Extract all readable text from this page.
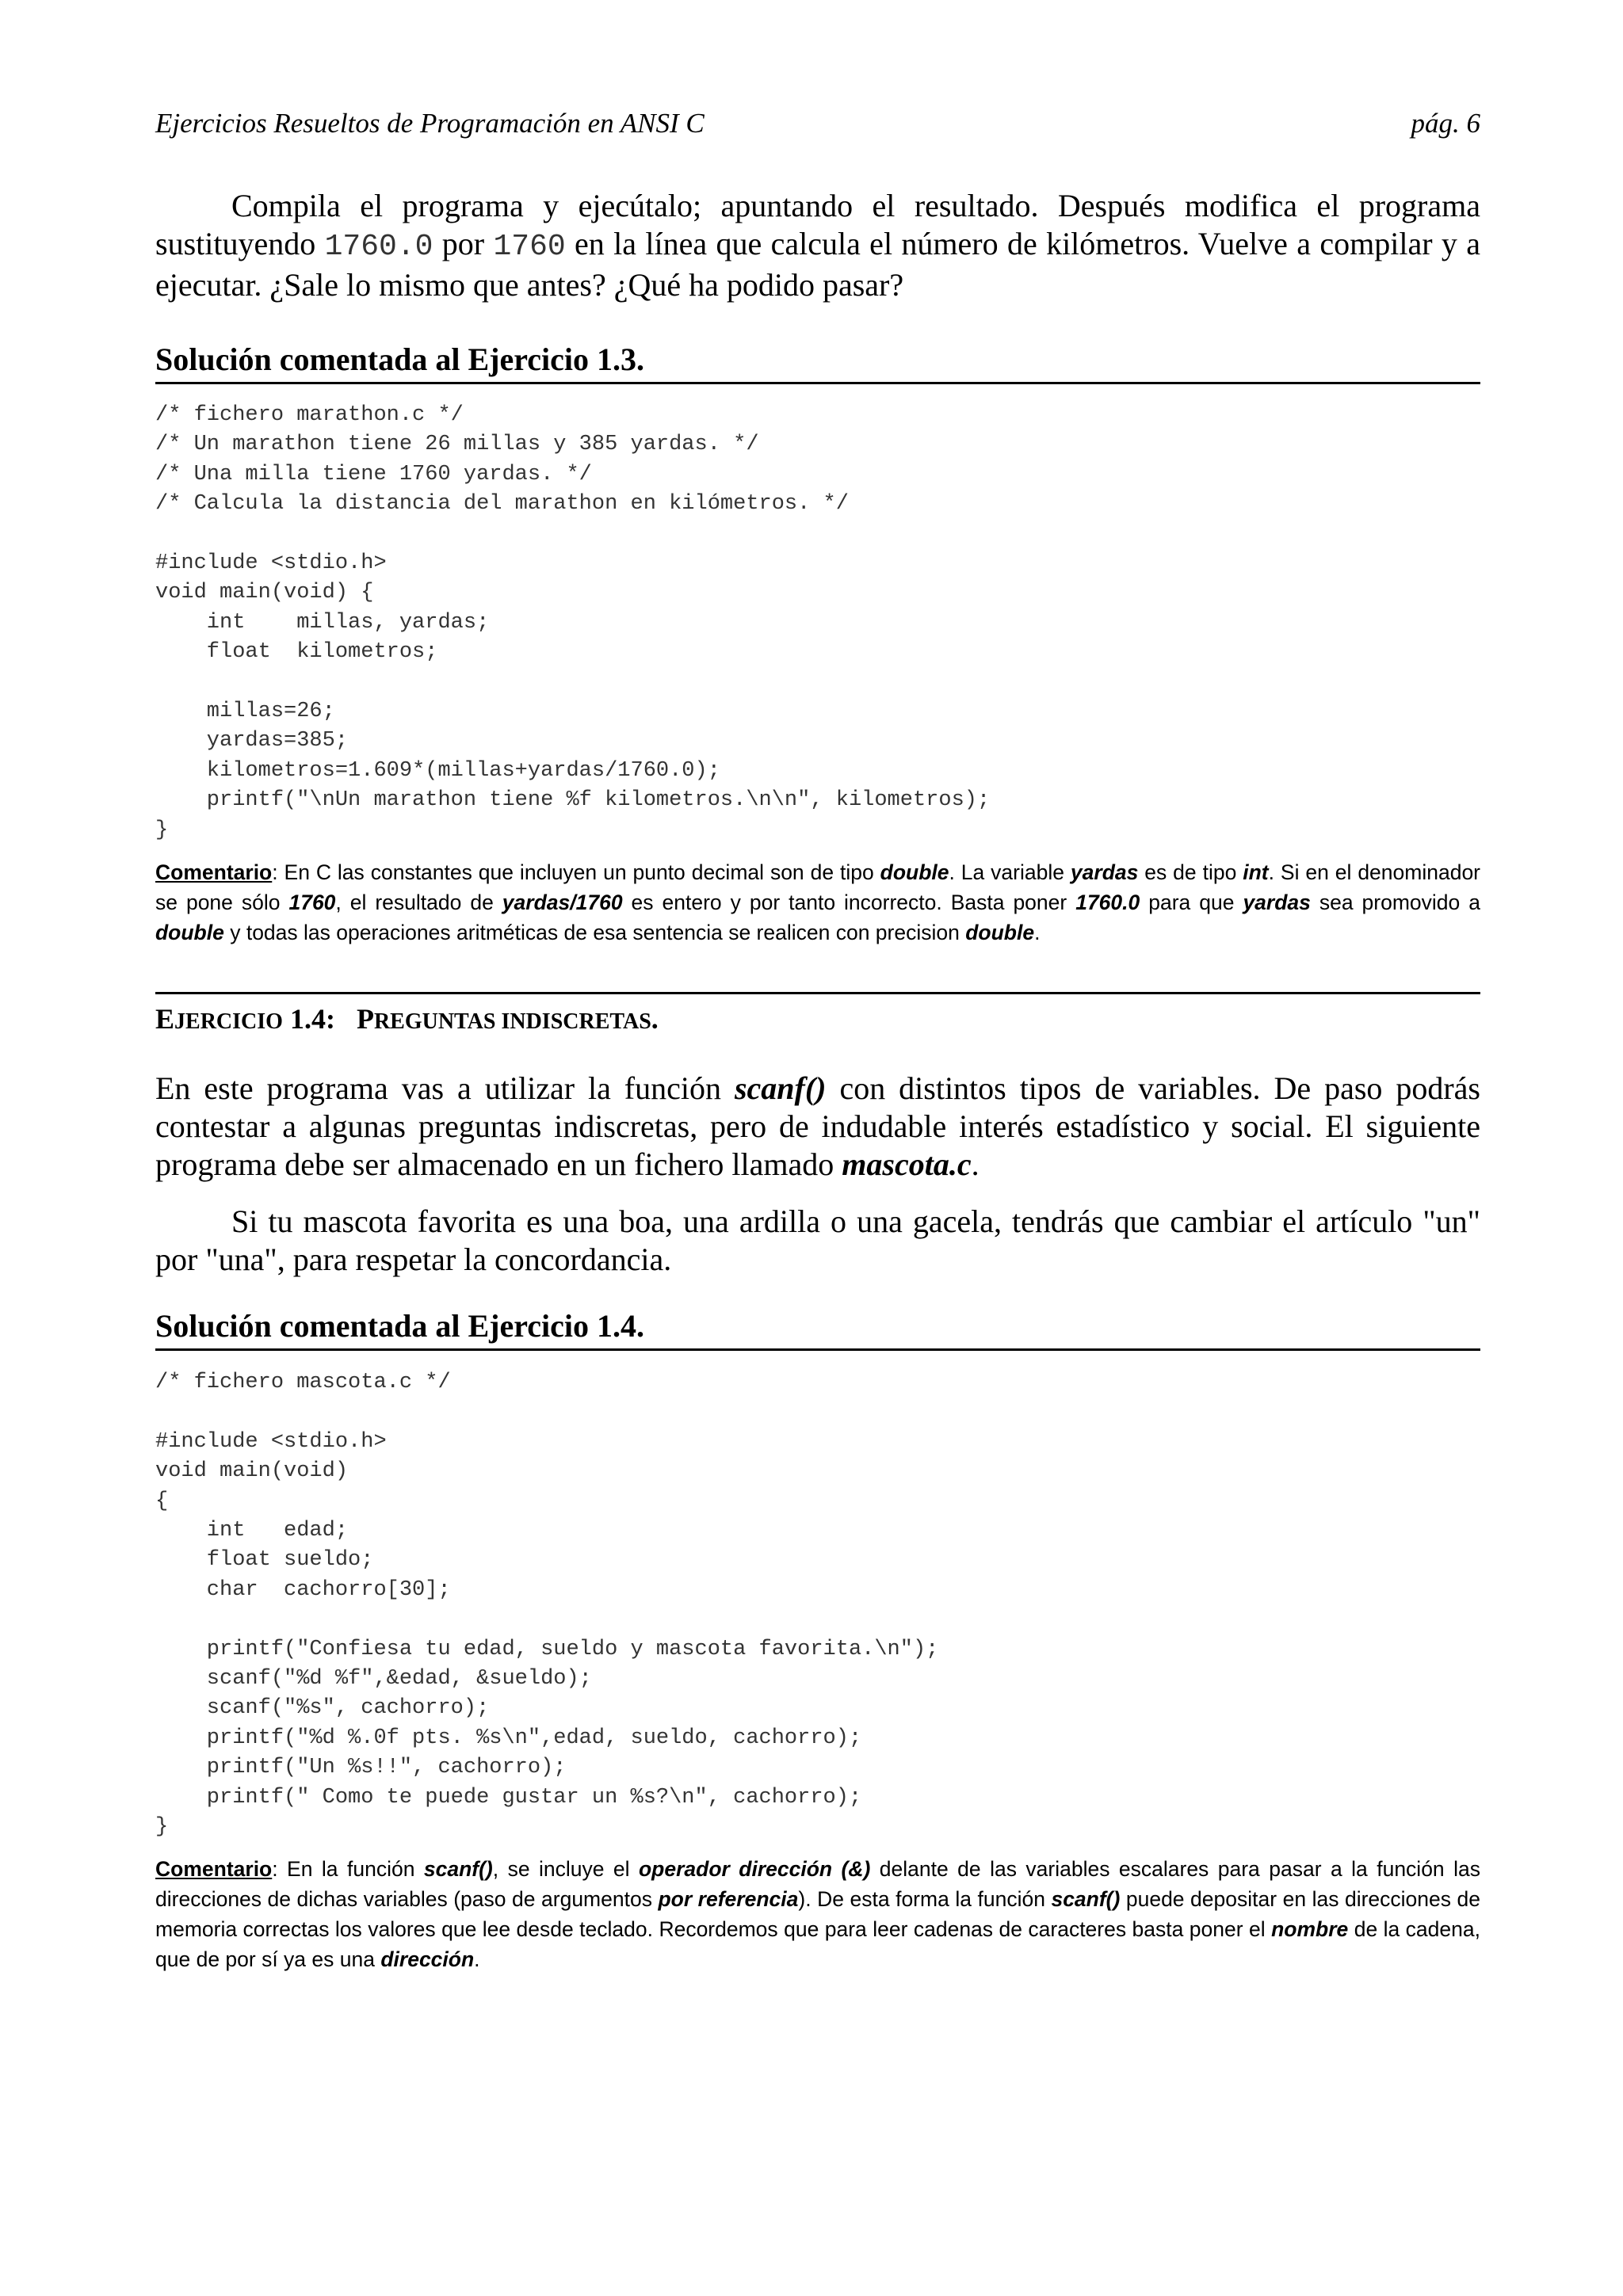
Ejercicios Resueltos de Programación en ANSI C	pág. 6

Compila el programa y ejecútalo; apuntando el resultado. Después modifica el programa sustituyendo 1760.0 por 1760 en la línea que calcula el número de kilómetros. Vuelve a compilar y a ejecutar. ¿Sale lo mismo que antes? ¿Qué ha podido pasar?

Solución comentada al Ejercicio 1.3.
/* fichero marathon.c */
/* Un marathon tiene 26 millas y 385 yardas. */
/* Una milla tiene 1760 yardas. */
/* Calcula la distancia del marathon en kilómetros. */

#include <stdio.h>
void main(void) {
int    millas, yardas;
float  kilometros;

millas=26;
yardas=385;
kilometros=1.609*(millas+yardas/1760.0);
printf("\nUn marathon tiene %f kilometros.\n\n", kilometros);
}

Comentario: En C las constantes que incluyen un punto decimal son de tipo double. La variable yardas es de tipo int. Si en el denominador se pone sólo 1760, el resultado de yardas/1760 es entero y por tanto incorrecto. Basta poner 1760.0 para que yardas sea promovido a double y todas las operaciones aritméticas de esa sentencia se realicen con precision double.

EJERCICIO 1.4: PREGUNTAS INDISCRETAS.

En este programa vas a utilizar la función scanf() con distintos tipos de variables. De paso podrás contestar a algunas preguntas indiscretas, pero de indudable interés estadístico y social. El siguiente programa debe ser almacenado en un fichero llamado mascota.c.

Si tu mascota favorita es una boa, una ardilla o una gacela, tendrás que cambiar el artículo "un" por "una", para respetar la concordancia.

Solución comentada al Ejercicio 1.4.
/* fichero mascota.c */

#include <stdio.h>
void main(void)
{
int   edad;
float sueldo;
char  cachorro[30];

printf("Confiesa tu edad, sueldo y mascota favorita.\n");
scanf("%d %f",&edad, &sueldo);
scanf("%s", cachorro);
printf("%d %.0f pts. %s\n",edad, sueldo, cachorro);
printf("Un %s!!", cachorro);
printf(" Como te puede gustar un %s?\n", cachorro);
}

Comentario: En la función scanf(), se incluye el operador dirección (&) delante de las variables escalares para pasar a la función las direcciones de dichas variables (paso de argumentos por referencia). De esta forma la función scanf() puede depositar en las direcciones de memoria correctas los valores que lee desde teclado. Recordemos que para leer cadenas de caracteres basta poner el nombre de la cadena, que de por sí ya es una dirección.
